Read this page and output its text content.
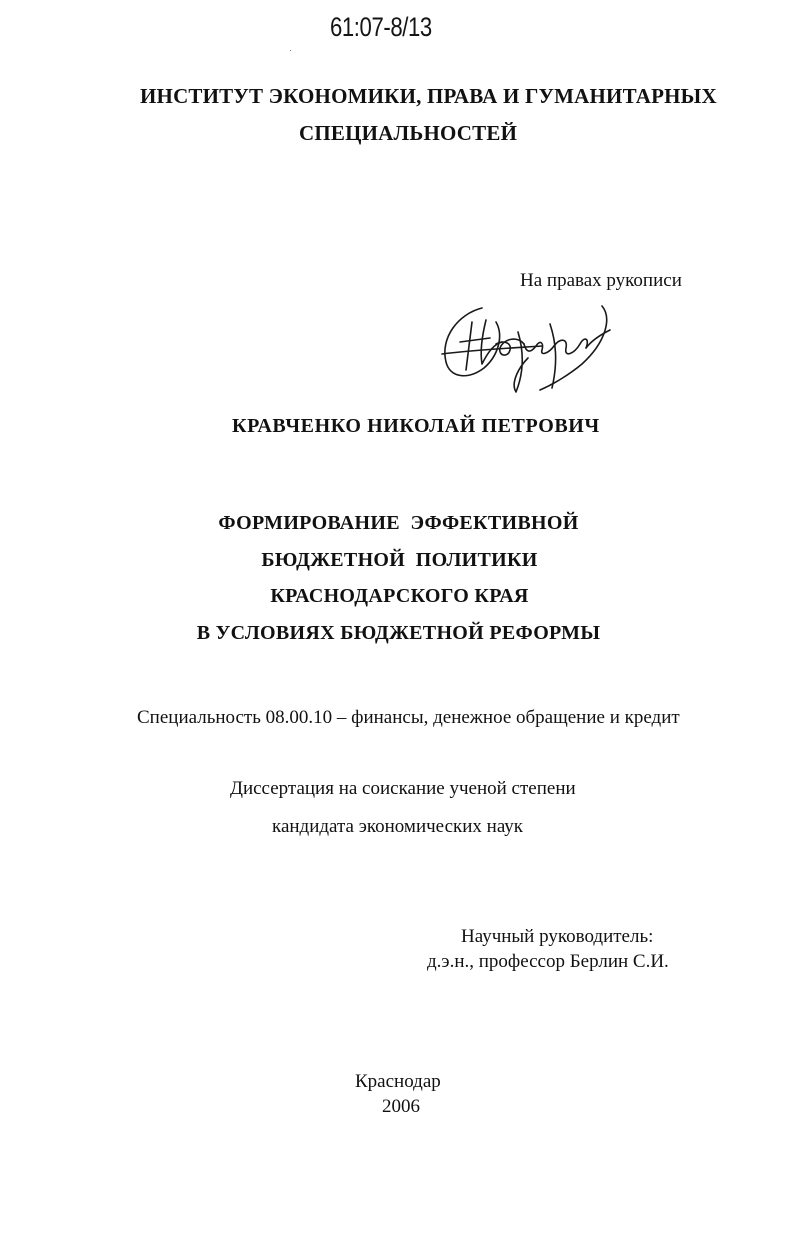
61:07-8/13
ИНСТИТУТ ЭКОНОМИКИ, ПРАВА И ГУМАНИТАРНЫХ
СПЕЦИАЛЬНОСТЕЙ
На правах рукописи
КРАВЧЕНКО НИКОЛАЙ ПЕТРОВИЧ
ФОРМИРОВАНИЕ  ЭФФЕКТИВНОЙ
БЮДЖЕТНОЙ  ПОЛИТИКИ
КРАСНОДАРСКОГО КРАЯ
В УСЛОВИЯХ БЮДЖЕТНОЙ РЕФОРМЫ
Специальность 08.00.10 – финансы, денежное обращение и кредит
Диссертация на соискание ученой степени
кандидата экономических наук
Научный руководитель:
д.э.н., профессор Берлин С.И.
Краснодар
2006
